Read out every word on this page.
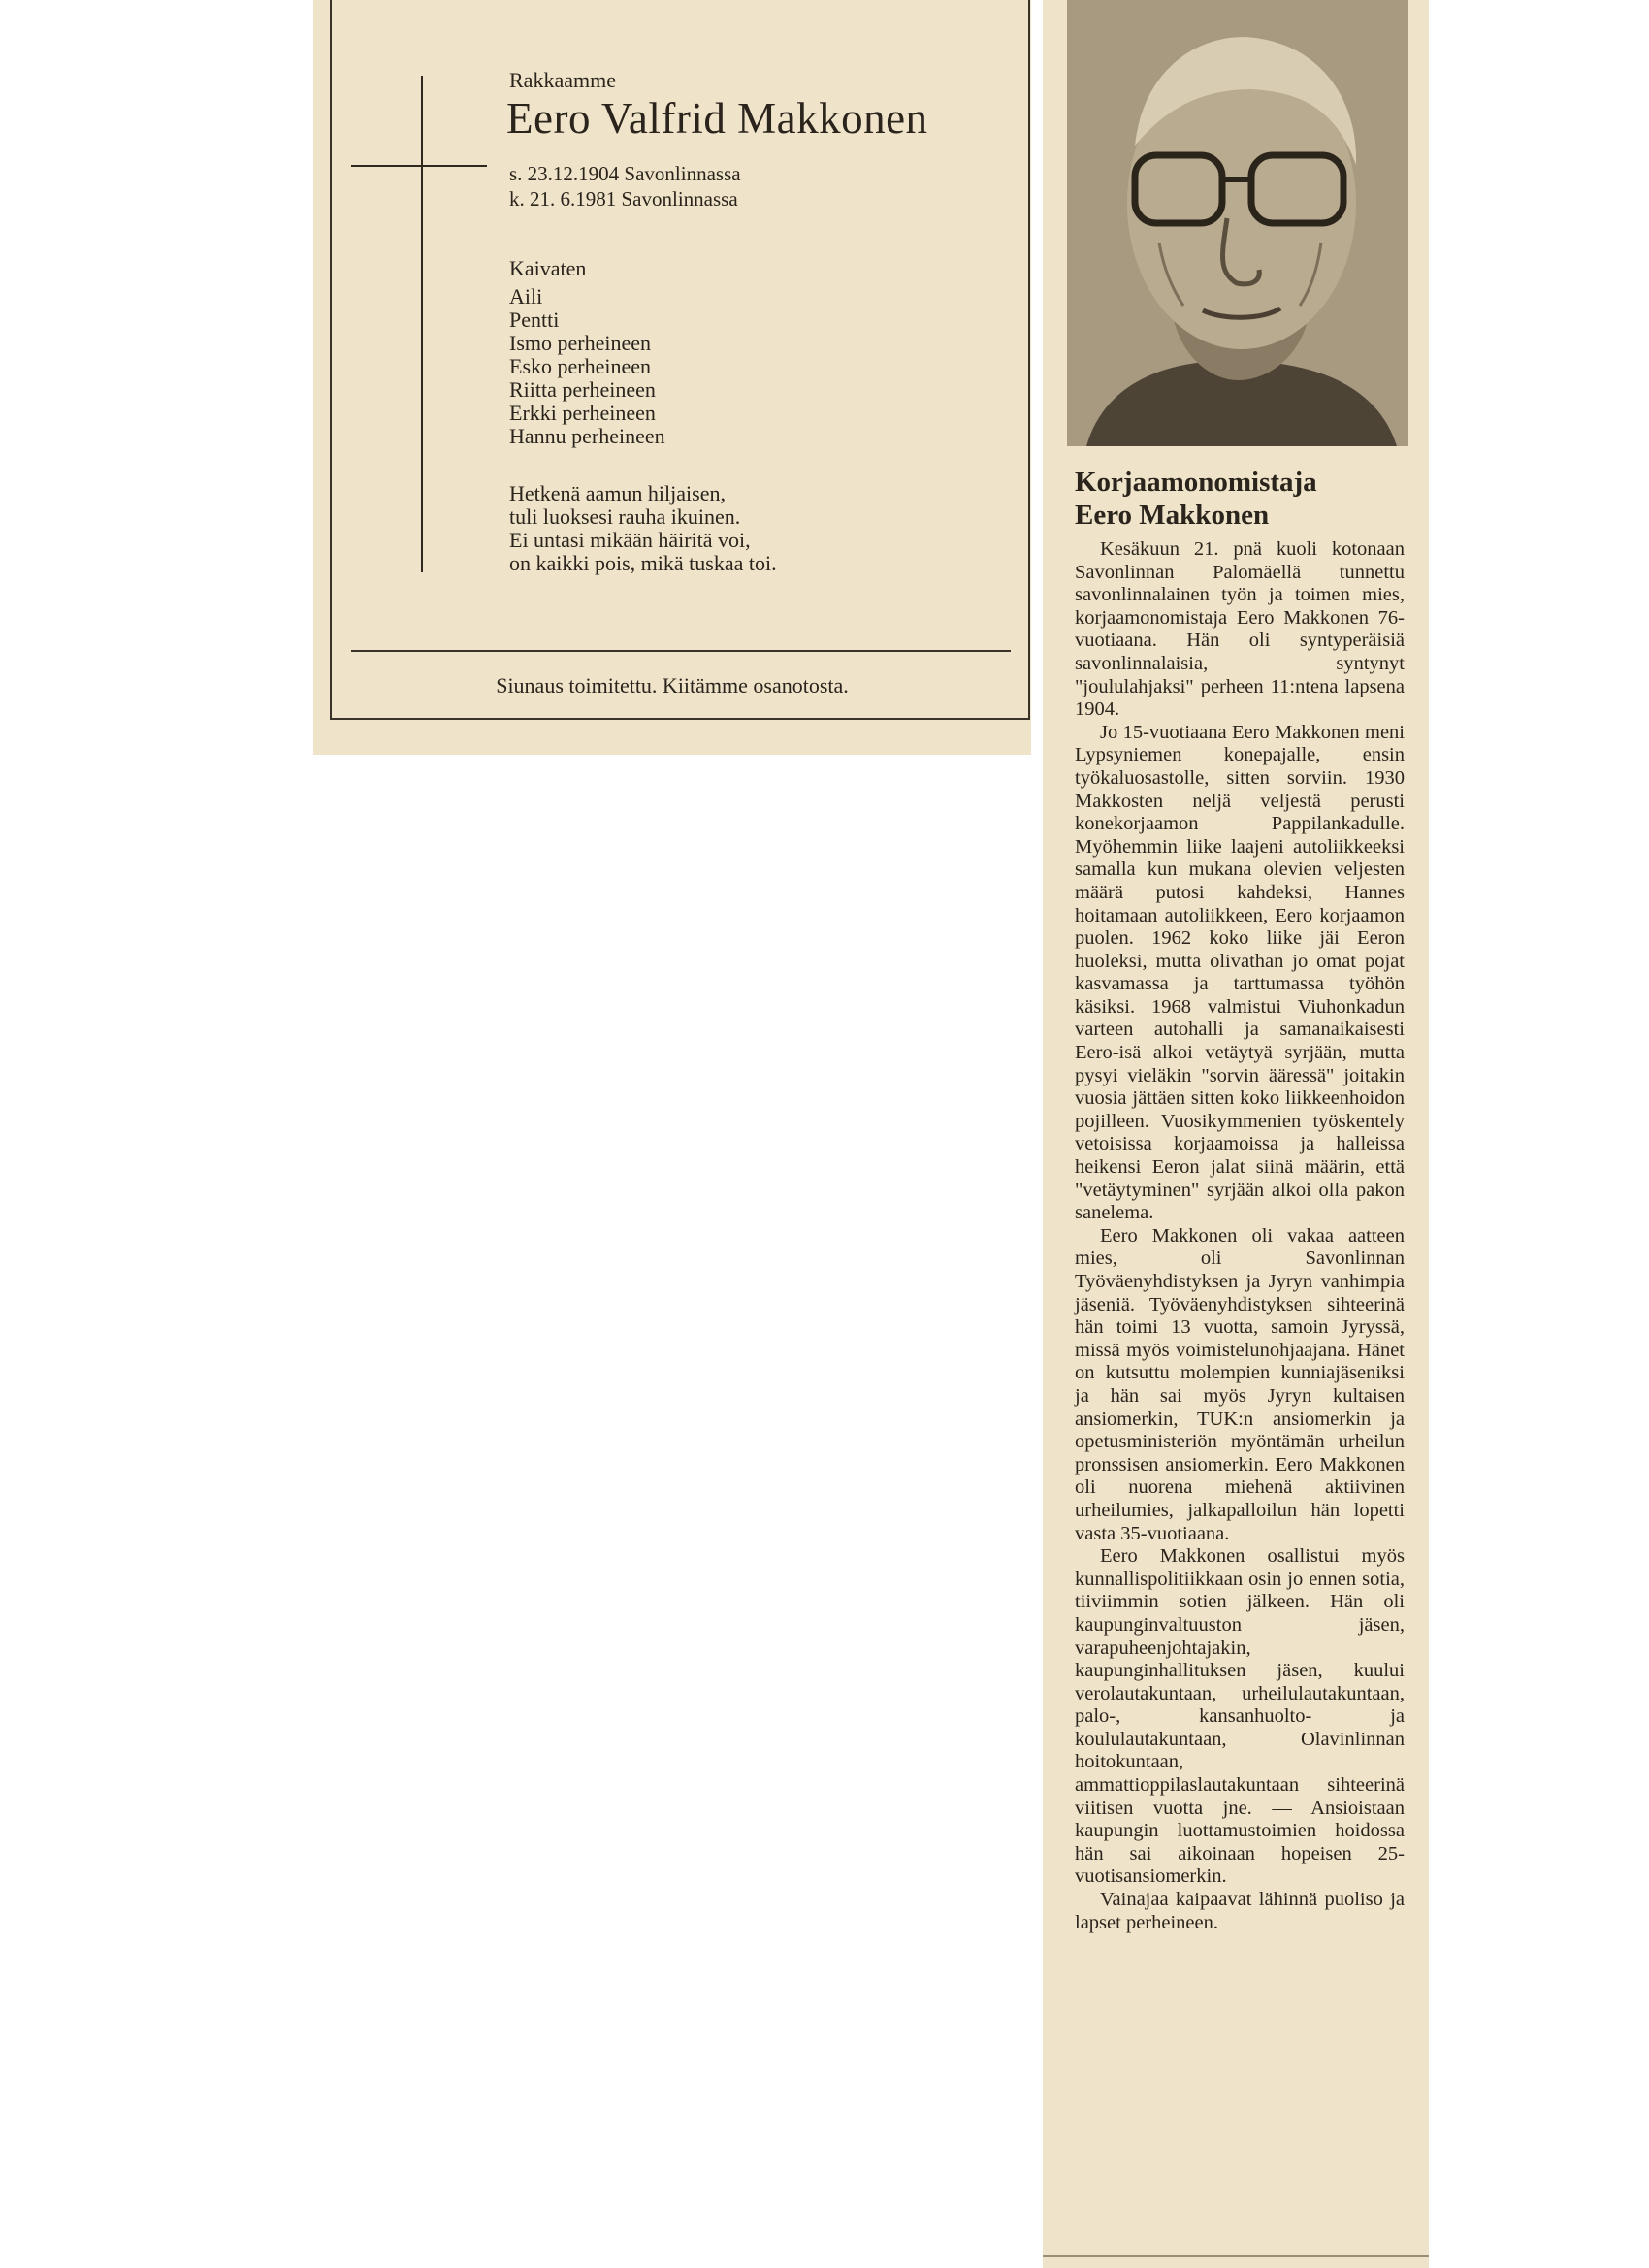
Rakkaamme
Eero Valfrid Makkonen
s. 23.12.1904 Savonlinnassa
k. 21. 6.1981 Savonlinnassa
Kaivaten
Aili
Pentti
Ismo perheineen
Esko perheineen
Riitta perheineen
Erkki perheineen
Hannu perheineen
Hetkenä aamun hiljaisen,
tuli luoksesi rauha ikuinen.
Ei untasi mikään häiritä voi,
on kaikki pois, mikä tuskaa toi.
Siunaus toimitettu. Kiitämme osanotosta.
Korjaamonomistaja
Eero Makkonen

Kesäkuun 21. pnä kuoli kotonaan Savonlinnan Palomäellä tunnettu savonlinnalainen työn ja toimen mies, korjaamonomistaja Eero Makkonen 76-vuotiaana. Hän oli syntyperäisiä savonlinnalaisia, syntynyt "joululahjaksi" perheen 11:ntena lapsena 1904.

Jo 15-vuotiaana Eero Makkonen meni Lypsyniemen konepajalle, ensin työkaluosastolle, sitten sorviin. 1930 Makkosten neljä veljestä perusti konekorjaamon Pappilankadulle. Myöhemmin liike laajeni autoliikkeeksi samalla kun mukana olevien veljesten määrä putosi kahdeksi, Hannes hoitamaan autoliikkeen, Eero korjaamon puolen. 1962 koko liike jäi Eeron huoleksi, mutta olivathan jo omat pojat kasvamassa ja tarttumassa työhön käsiksi. 1968 valmistui Viuhonkadun varteen autohalli ja samanaikaisesti Eero-isä alkoi vetäytyä syrjään, mutta pysyi vieläkin "sorvin ääressä" joitakin vuosia jättäen sitten koko liikkeenhoidon pojilleen. Vuosikymmenien työskentely vetoisissa korjaamoissa ja halleissa heikensi Eeron jalat siinä määrin, että "vetäytyminen" syrjään alkoi olla pakon sanelema.

Eero Makkonen oli vakaa aatteen mies, oli Savonlinnan Työväenyhdistyksen ja Jyryn vanhimpia jäseniä. Työväenyhdistyksen sihteerinä hän toimi 13 vuotta, samoin Jyryssä, missä myös voimistelunohjaajana. Hänet on kutsuttu molempien kunniajäseniksi ja hän sai myös Jyryn kultaisen ansiomerkin, TUK:n ansiomerkin ja opetusministeriön myöntämän urheilun pronssisen ansiomerkin. Eero Makkonen oli nuorena miehenä aktiivinen urheilumies, jalkapalloilun hän lopetti vasta 35-vuotiaana.

Eero Makkonen osallistui myös kunnallispolitiikkaan osin jo ennen sotia, tiiviimmin sotien jälkeen. Hän oli kaupunginvaltuuston jäsen, varapuheenjohtajakin, kaupunginhallituksen jäsen, kuului verolautakuntaan, urheilulautakuntaan, palo-, kansanhuolto- ja koululautakuntaan, Olavinlinnan hoitokuntaan, ammattioppilaslautakuntaan sihteerinä viitisen vuotta jne. — Ansioistaan kaupungin luottamustoimien hoidossa hän sai aikoinaan hopeisen 25-vuotisansiomerkin.

Vainajaa kaipaavat lähinnä puoliso ja lapset perheineen.
